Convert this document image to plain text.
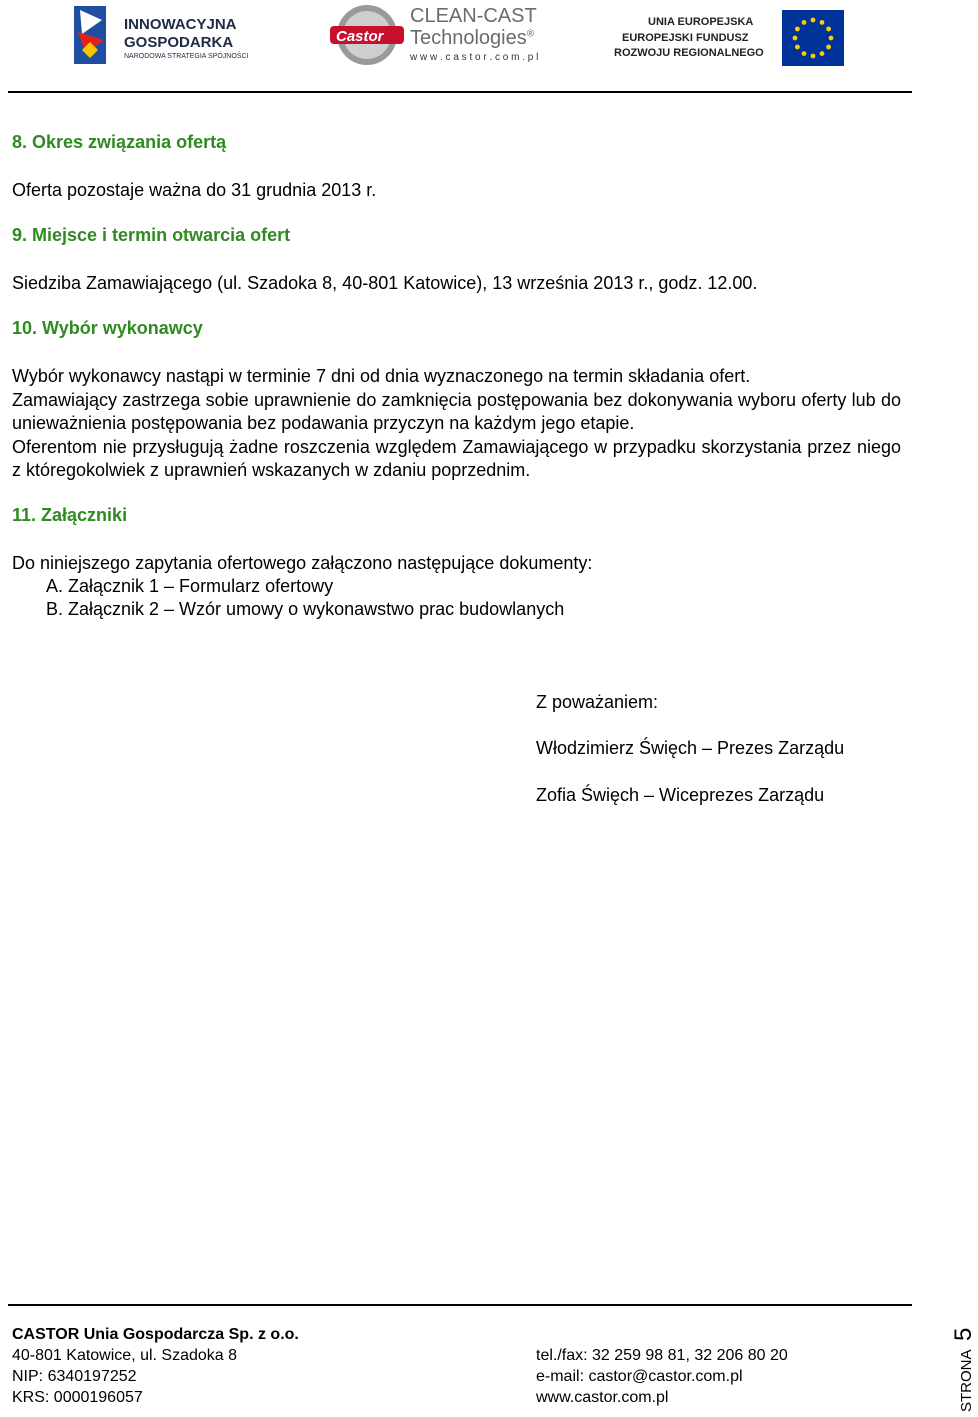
INNOWACYJNA
GOSPODARKA
NARODOWA STRATEGIA SPÓJNOŚCI
Castor
CLEAN-CAST
Technologies®
w w w . c a s t o r . c o m . p l
UNIA EUROPEJSKA
EUROPEJSKI FUNDUSZ
ROZWOJU REGIONALNEGO
8. Okres związania ofertą
Oferta pozostaje ważna do 31 grudnia 2013 r.
9. Miejsce i termin otwarcia ofert
Siedziba Zamawiającego (ul. Szadoka 8, 40-801 Katowice), 13 września 2013 r., godz. 12.00.
10. Wybór wykonawcy
Wybór wykonawcy nastąpi w terminie 7 dni od dnia wyznaczonego na termin składania ofert.
Zamawiający zastrzega sobie uprawnienie do zamknięcia postępowania bez dokonywania wyboru oferty lub do unieważnienia postępowania bez podawania przyczyn na każdym jego etapie.
Oferentom nie przysługują żadne roszczenia względem Zamawiającego w przypadku skorzystania przez niego z któregokolwiek z uprawnień wskazanych w zdaniu poprzednim.
11. Załączniki
Do niniejszego zapytania ofertowego załączono następujące dokumenty:
A. Załącznik 1 – Formularz ofertowy
B. Załącznik 2 – Wzór umowy o wykonawstwo prac budowlanych
Z poważaniem:
Włodzimierz Święch – Prezes Zarządu
Zofia Święch – Wiceprezes Zarządu
CASTOR Unia Gospodarcza Sp. z o.o.
40-801 Katowice, ul. Szadoka 8
NIP: 6340197252
KRS: 0000196057
tel./fax: 32 259 98 81, 32 206 80 20
e-mail: castor@castor.com.pl
www.castor.com.pl	STRONA 5
